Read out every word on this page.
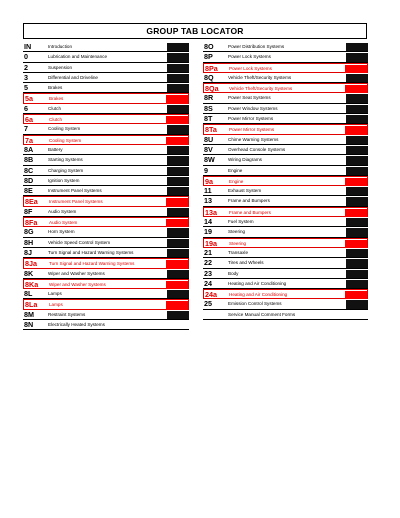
GROUP TAB LOCATOR
IN	Introduction
0	Lubrication and Maintenance
2	Suspension
3	Differential and Driveline
5	Brakes
5a	Brakes
6	Clutch
6a	Clutch
7	Cooling System
7a	Cooling System
8A	Battery
8B	Starting Systems
8C	Charging System
8D	Ignition System
8E	Instrument Panel Systems
8Ea Instrument Panel Systems
8F	Audio System
8Fa	Audio System
8G	Horn System
8H	Vehicle Speed Control System
8J	Turn Signal and Hazard Warning Systems
8Ja	Turn Signal and Hazard Warning Systems
8K	Wiper and Washer Systems
8Ka Wiper and Washer Systems
8L	Lamps
8La	Lamps
8M	Restraint Systems
8N	Electrically Heated Systems
8O	Power Distribution Systems
8P	Power Lock Systems
8Pa Power Lock Systems
8Q	Vehicle Theft/Security Systems
8Qa Vehicle Theft/Security Systems
8R	Power Seat Systems
8S	Power Window Systems
8T	Power Mirror Systems
8Ta	Power Mirror Systems
8U	Chime Warning Systems
8V	Overhead Console Systems
8W	Wiring Diagrams
9	Engine
9a	Engine
11	Exhaust System
13	Frame and Bumpers
13a	Frame and Bumpers
14	Fuel System
19	Steering
19a	Steering
21	Transaxle
22	Tires and Wheels
23	Body
24	Heating and Air Conditioning
24a	Heating and Air Conditioning
25	Emission Control Systems
Service Manual Comment Forms
